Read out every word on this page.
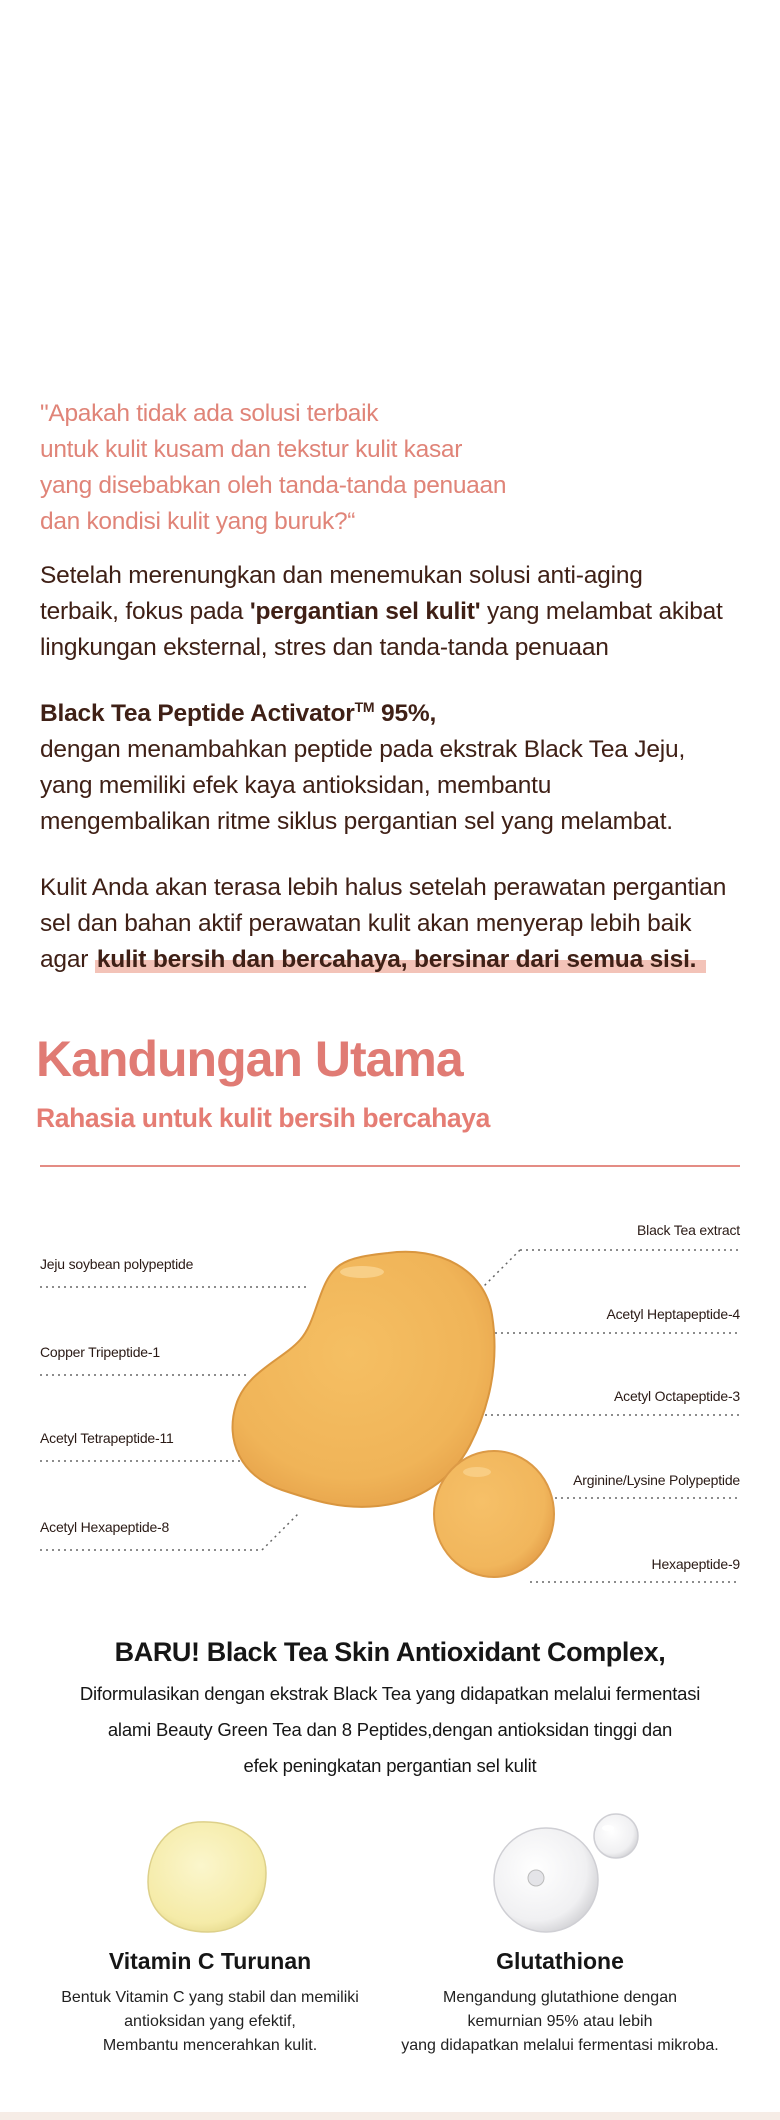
"Apakah tidak ada solusi terbaik
untuk kulit kusam dan tekstur kulit kasar
yang disebabkan oleh tanda-tanda penuaan
dan kondisi kulit yang buruk?“
Setelah merenungkan dan menemukan solusi anti-aging
terbaik, fokus pada 'pergantian sel kulit' yang melambat akibat
lingkungan eksternal, stres dan tanda-tanda penuaan
Black Tea Peptide Activator™ 95%,
dengan menambahkan peptide pada ekstrak Black Tea Jeju,
yang memiliki efek kaya antioksidan, membantu
mengembalikan ritme siklus pergantian sel yang melambat.
Kulit Anda akan terasa lebih halus setelah perawatan pergantian
sel dan bahan aktif perawatan kulit akan menyerap lebih baik
agar kulit bersih dan bercahaya, bersinar dari semua sisi.
Kandungan Utama
Rahasia untuk kulit bersih bercahaya
Jeju soybean polypeptide
Copper Tripeptide-1
Acetyl Tetrapeptide-11
Acetyl Hexapeptide-8
Black Tea extract
Acetyl Heptapeptide-4
Acetyl Octapeptide-3
Arginine/Lysine Polypeptide
Hexapeptide-9
BARU! Black Tea Skin Antioxidant Complex,
Diformulasikan dengan ekstrak Black Tea yang didapatkan melalui fermentasi
alami Beauty Green Tea dan 8 Peptides,dengan antioksidan tinggi dan
efek peningkatan pergantian sel kulit
Vitamin C Turunan
Bentuk Vitamin C yang stabil dan memiliki
antioksidan yang efektif,
Membantu mencerahkan kulit.
Glutathione
Mengandung glutathione dengan
kemurnian 95% atau lebih
yang didapatkan melalui fermentasi mikroba.
